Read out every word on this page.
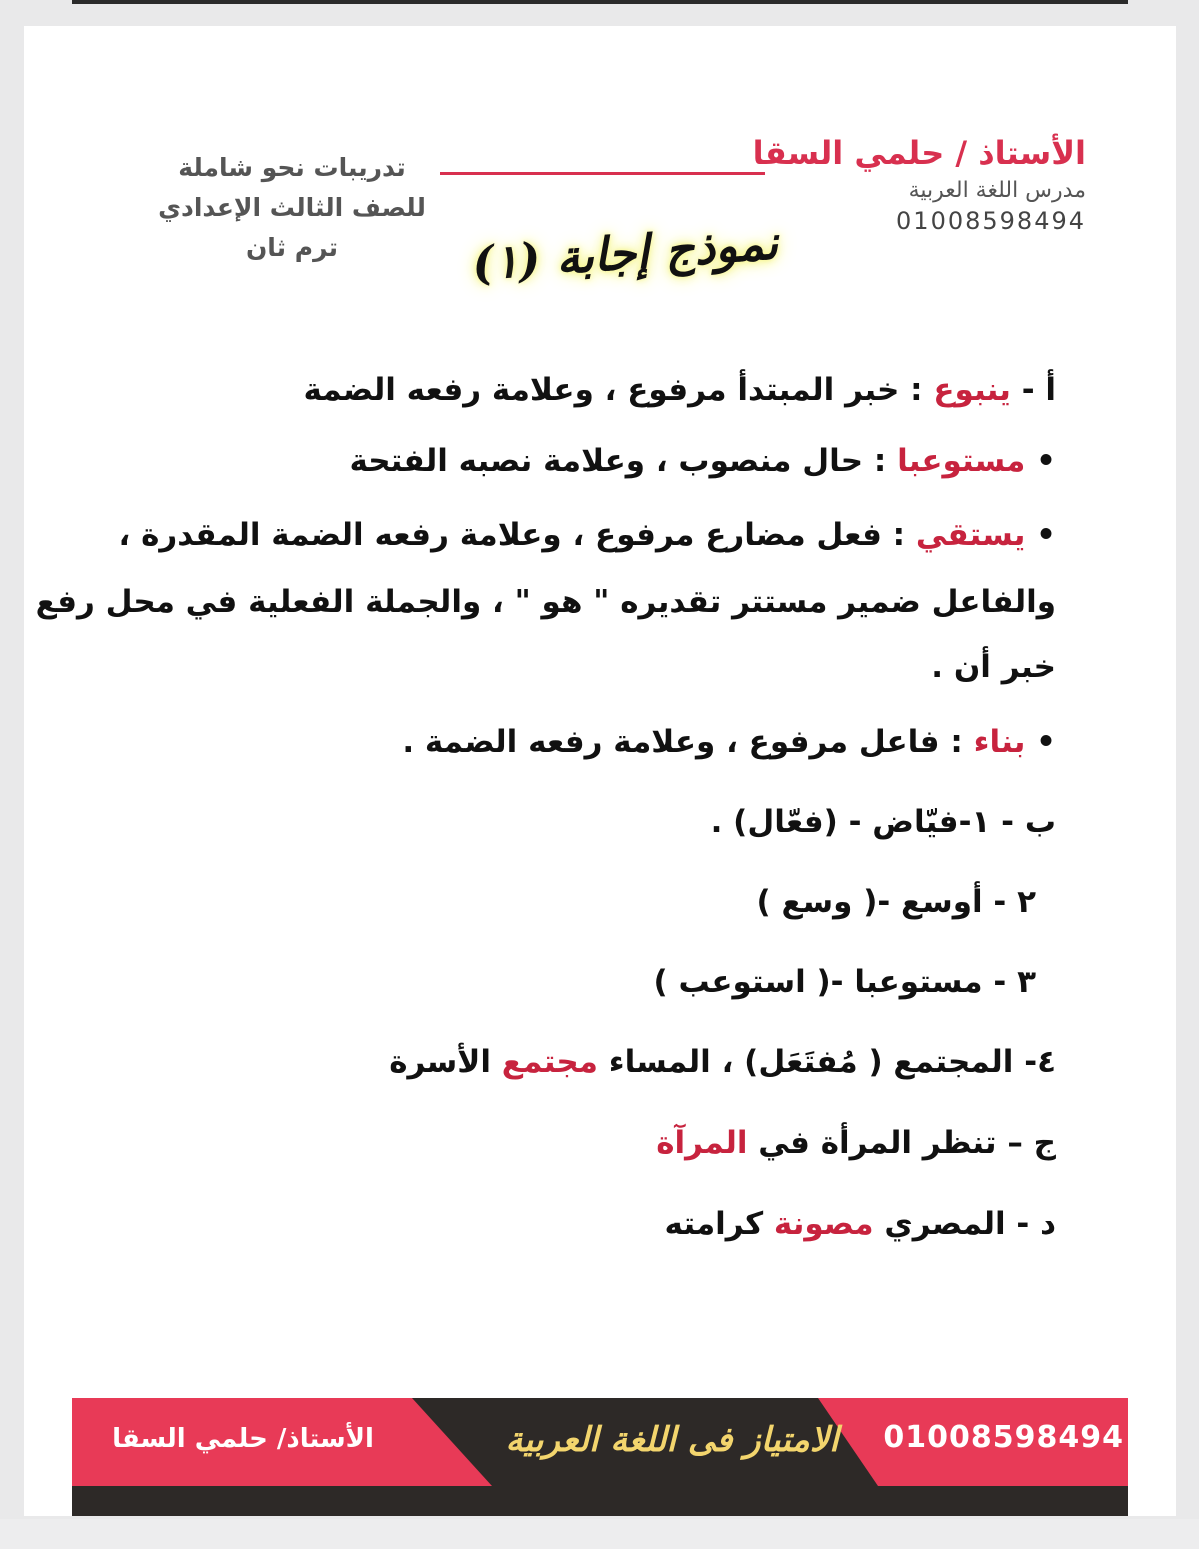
الأستاذ / حلمي السقا
مدرس اللغة العربية
01008598494
تدريبات نحو شاملة
للصف الثالث الإعدادي
ترم ثان	نموذج إجابة (١)

أ - ينبوع : خبر المبتدأ مرفوع ، وعلامة رفعه الضمة

• مستوعبا : حال منصوب ، وعلامة نصبه الفتحة

• يستقي : فعل مضارع مرفوع ، وعلامة رفعه الضمة المقدرة ،

والفاعل ضمير مستتر تقديره " هو " ، والجملة الفعلية في محل رفع

خبر أن .

• بناء : فاعل مرفوع ، وعلامة رفعه الضمة .

ب - ١-فيّاض - (فعّال) .

٢ - أوسع -( وسع )

٣ - مستوعبا -( استوعب )

٤- المجتمع ( مُفتَعَل) ، المساء مجتمع الأسرة

ج – تنظر المرأة في المرآة

د - المصري مصونة كرامته

الأستاذ/ حلمي السقا	الامتياز فى اللغة العربية	01008598494
